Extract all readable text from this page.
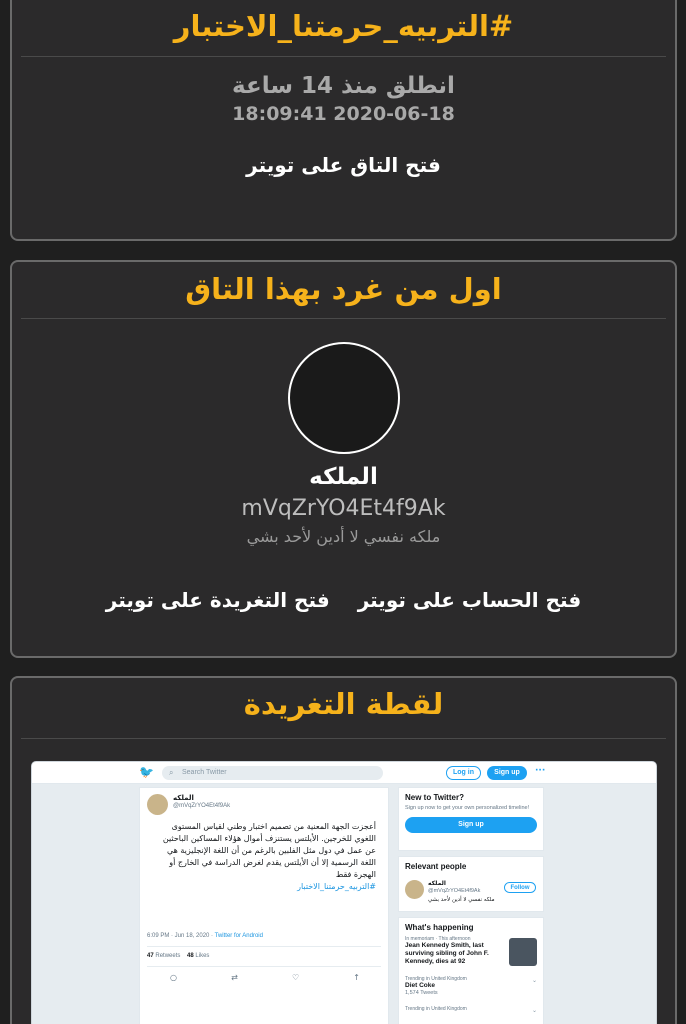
#التربيه_حرمتنا_الاختبار
انطلق منذ 14 ساعة
18:09:41 2020-06-18
فتح التاق على تويتر
اول من غرد بهذا التاق
الملكه
mVqZrYO4Et4f9Ak
ملكه نفسي لا أدين لأحد بشي
فتح الحساب على تويتر
فتح التغريدة على تويتر
لقطة التغريدة
🐦 ⌕ Search Twitter	Log in	Sign up	···
الملكه
@mVqZrYO4Et4f9Ak
أعجزت الجهة المعنية من تصميم اختبار وطني لقياس المستوى اللغوي للخرجين. الأيلتس يستنزف أموال هؤلاء المساكين الباحثين عن عمل في دول مثل الفلبين بالرغم من أن اللغة الإنجليزية هي اللغة الرسمية إلا أن الأيلتس يقدم لغرض الدراسة في الخارج أو الهجرة فقط
#التربيه_حرمتنا_الاختبار
6:09 PM · Jun 18, 2020 · Twitter for Android
47 Retweets 48 Likes
○	⇄	♡	↑
New to Twitter?
Sign up now to get your own personalized timeline!
Sign up
Relevant people
الملكه
@mVqZrYO4Et4f9Ak
ملكه نفسي لا أدين لأحد بشي
Follow
What's happening
In memoriam · This afternoon
Jean Kennedy Smith, last surviving sibling of John F. Kennedy, dies at 92
Trending in United Kingdom
Diet Coke
1,574 Tweets
⌄
Trending in United Kingdom	⌄
